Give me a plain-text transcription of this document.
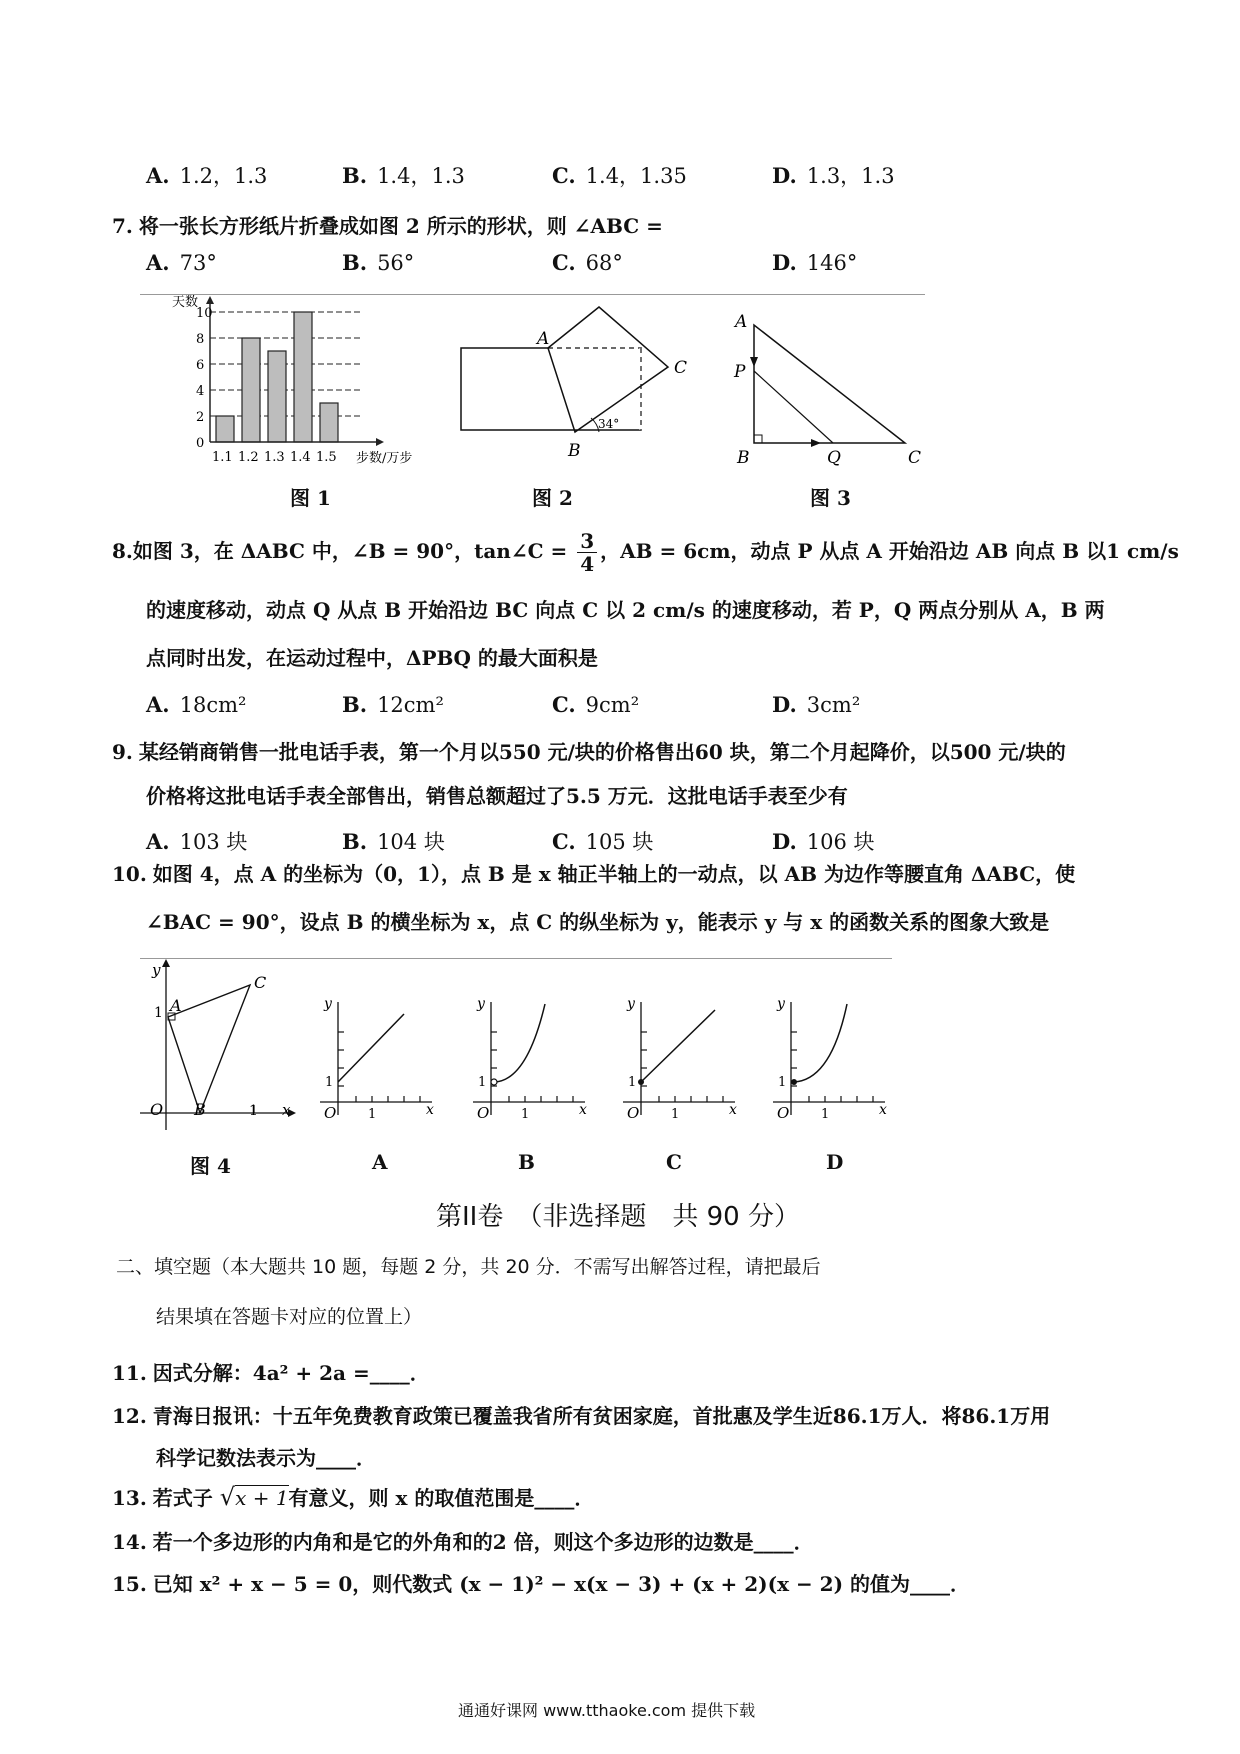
A. 1.2，1.3	B. 1.4，1.3	C. 1.4，1.35	D. 1.3，1.3
7. 将一张长方形纸片折叠成如图 2 所示的形状，则 ∠ABC =
A. 73°	B. 56°	C. 68°	D. 146°
0
2
4
6
8
10
1.1 1.2 1.3 1.4 1.5
天数
步数/万步
图 1
A
B
C
34°
图 2
A
P
B	Q	C
图 3
8.如图 3，在 ΔABC 中，∠B = 90°，tan∠C = $\frac{3}{4}$ ，AB = 6cm，动点 P 从点 A 开始沿边 AB 向点 B 以1 cm/s
的速度移动，动点 Q 从点 B 开始沿边 BC 向点 C 以 2 cm/s 的速度移动，若 P，Q 两点分别从 A，B 两
点同时出发，在运动过程中，ΔPBQ 的最大面积是
A. 18cm²	B. 12cm²	C. 9cm²	D. 3cm²
9. 某经销商销售一批电话手表，第一个月以550 元/块的价格售出60 块，第二个月起降价，以500 元/块的
价格将这批电话手表全部售出，销售总额超过了5.5 万元．这批电话手表至少有
A. 103 块	B. 104 块	C. 105 块	D. 106 块
10. 如图 4，点 A 的坐标为（0，1），点 B 是 x 轴正半轴上的一动点，以 AB 为边作等腰直角 ΔABC，使
∠BAC = 90°，设点 B 的横坐标为 x，点 C 的纵坐标为 y，能表示 y 与 x 的函数关系的图象大致是
y
1 A
C
O B	1 x
图 4
y
1
O 1	x
A
y
1
O 1	x
B
y
1
O 1	x
C
y
1
O 1	x
D
第II卷　（非选择题　共 90 分）
二、填空题（本大题共 10 题，每题 2 分，共 20 分．不需写出解答过程，请把最后
结果填在答题卡对应的位置上）
11. 因式分解：4a² + 2a =____．
12. 青海日报讯：十五年免费教育政策已覆盖我省所有贫困家庭，首批惠及学生近86.1万人．将86.1万用
科学记数法表示为____．
13. 若式子 √x + 1有意义，则 x 的取值范围是____．
14. 若一个多边形的内角和是它的外角和的2 倍，则这个多边形的边数是____．
15. 已知 x² + x − 5 = 0，则代数式 (x − 1)² − x(x − 3) + (x + 2)(x − 2) 的值为____．
通通好课网 www.tthaoke.com 提供下载
